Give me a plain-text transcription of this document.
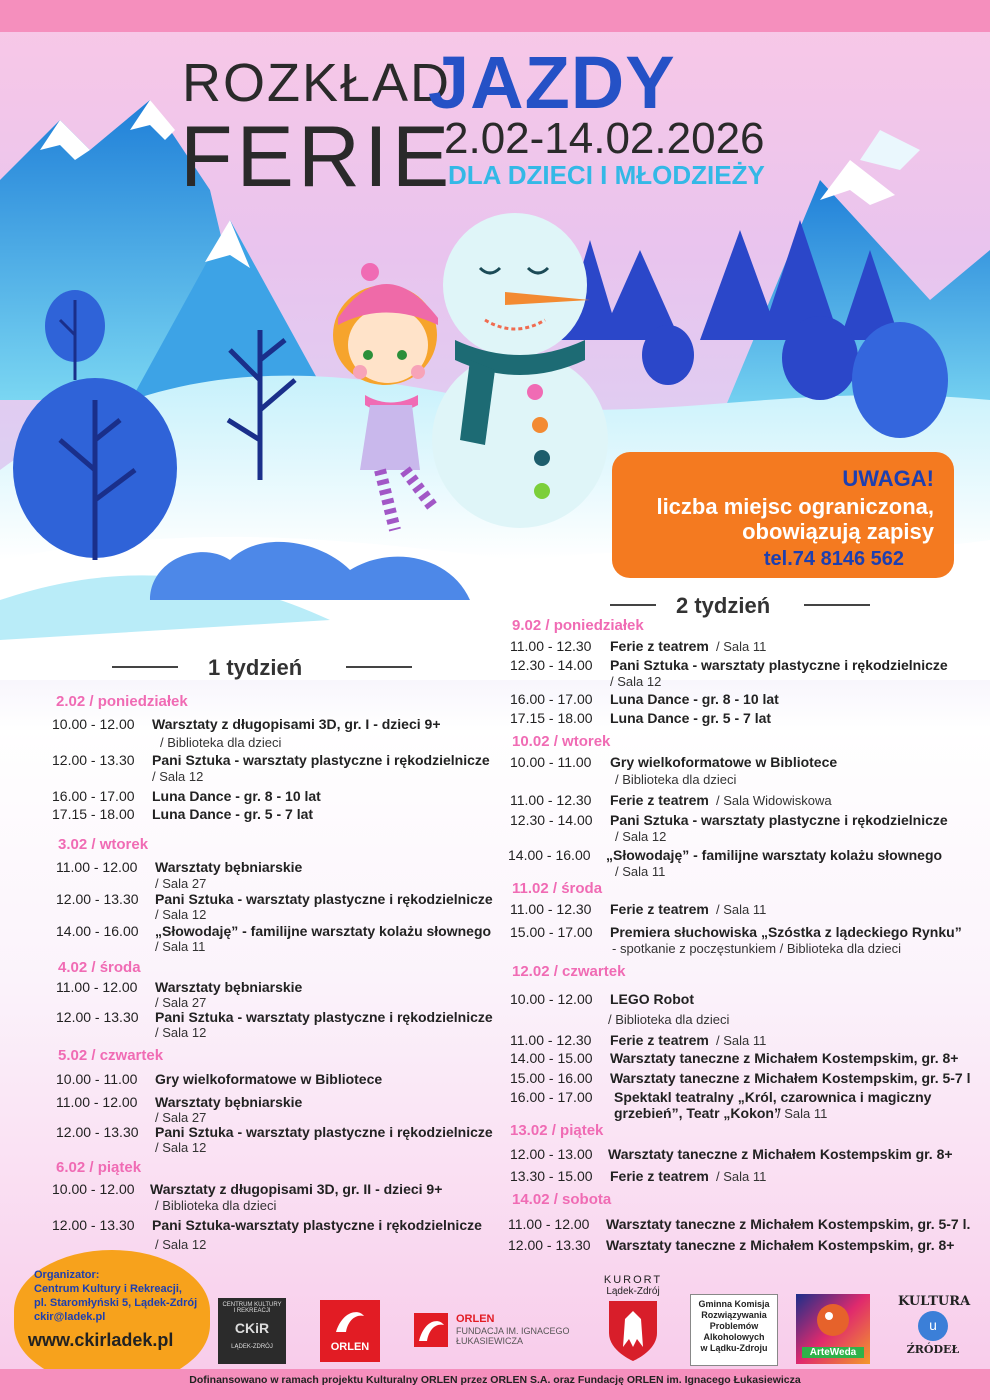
ROZKŁAD
JAZDY
FERIE
2.02-14.02.2026
DLA DZIECI I MŁODZIEŻY
UWAGA!
liczba miejsc ograniczona,
obowiązują zapisy
tel.74 8146 562
1 tydzień
2 tydzień
2.02 / poniedziałek
10.00 - 12.00 Warsztaty z długopisami 3D, gr. I - dzieci 9+
/ Biblioteka dla dzieci
12.00 - 13.30 Pani Sztuka - warsztaty plastyczne i rękodzielnicze
/ Sala 12
16.00 - 17.00 Luna Dance - gr. 8 - 10 lat
17.15 - 18.00 Luna Dance - gr. 5 - 7 lat
3.02 / wtorek
11.00 - 12.00 Warsztaty bębniarskie
/ Sala 27
12.00 - 13.30 Pani Sztuka - warsztaty plastyczne i rękodzielnicze
/ Sala 12
14.00 - 16.00 „Słowodaję” - familijne warsztaty kolażu słownego
/ Sala 11
4.02 / środa
11.00 - 12.00 Warsztaty bębniarskie
/ Sala 27
12.00 - 13.30 Pani Sztuka - warsztaty plastyczne i rękodzielnicze
/ Sala 12
5.02 / czwartek
10.00 - 11.00 Gry wielkoformatowe w Bibliotece
11.00 - 12.00 Warsztaty bębniarskie
/ Sala 27
12.00 - 13.30 Pani Sztuka - warsztaty plastyczne i rękodzielnicze
/ Sala 12
6.02 / piątek
10.00 - 12.00 Warsztaty z długopisami 3D, gr. II - dzieci 9+
/ Biblioteka dla dzieci
12.00 - 13.30 Pani Sztuka-warsztaty plastyczne i rękodzielnicze
/ Sala 12
9.02 / poniedziałek
11.00 - 12.30 Ferie z teatrem / Sala 11
12.30 - 14.00 Pani Sztuka - warsztaty plastyczne i rękodzielnicze
/ Sala 12
16.00 - 17.00 Luna Dance - gr. 8 - 10 lat
17.15 - 18.00 Luna Dance - gr. 5 - 7 lat
10.02 / wtorek
10.00 - 11.00 Gry wielkoformatowe w Bibliotece
/ Biblioteka dla dzieci
11.00 - 12.30 Ferie z teatrem / Sala Widowiskowa
12.30 - 14.00 Pani Sztuka - warsztaty plastyczne i rękodzielnicze
/ Sala 12
14.00 - 16.00 „Słowodaję” - familijne warsztaty kolażu słownego
/ Sala 11
11.02 / środa
11.00 - 12.30 Ferie z teatrem / Sala 11
15.00 - 17.00 Premiera słuchowiska „Szóstka z lądeckiego Rynku”
- spotkanie z poczęstunkiem / Biblioteka dla dzieci
12.02 / czwartek
10.00 - 12.00 LEGO Robot
/ Biblioteka dla dzieci
11.00 - 12.30 Ferie z teatrem / Sala 11
14.00 - 15.00 Warsztaty taneczne z Michałem Kostempskim, gr. 8+
15.00 - 16.00 Warsztaty taneczne z Michałem Kostempskim, gr. 5-7 l
16.00 - 17.00 Spektakl teatralny „Król, czarownica i magiczny
grzebień”, Teatr „Kokon”
/ Sala 11
13.02 / piątek
12.00 - 13.00 Warsztaty taneczne z Michałem Kostempskim gr. 8+
13.30 - 15.00 Ferie z teatrem / Sala 11
14.02 / sobota
11.00 - 12.00 Warsztaty taneczne z Michałem Kostempskim, gr. 5-7 l.
12.00 - 13.30 Warsztaty taneczne z Michałem Kostempskim, gr. 8+
Organizator:
Centrum Kultury i Rekreacji,
pl. Staromłyński 5, Lądek-Zdrój
ckir@ladek.pl
www.ckirladek.pl
CENTRUM KULTURY
I REKREACJI
CKiR
LĄDEK-ZDRÓJ	ORLEN
ORLEN
FUNDACJA IM. IGNACEGO
ŁUKASIEWICZA
KURORT
Lądek-Zdrój
Gminna Komisja
Rozwiązywania
Problemów
Alkoholowych
w Lądku-Zdroju	ArteWeda
KULTURA
u
ŹRÓDEŁ
Dofinansowano w ramach projektu Kulturalny ORLEN przez ORLEN S.A. oraz Fundację ORLEN im. Ignacego Łukasiewicza
